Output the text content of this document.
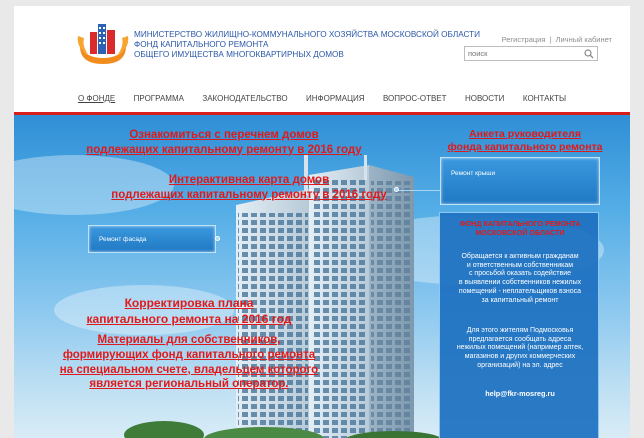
МИНИСТЕРСТВО ЖИЛИЩНО-КОММУНАЛЬНОГО ХОЗЯЙСТВА МОСКОВСКОЙ ОБЛАСТИ
ФОНД КАПИТАЛЬНОГО РЕМОНТА
ОБЩЕГО ИМУЩЕСТВА МНОГОКВАРТИРНЫХ ДОМОВ
Регистрация | Личный кабинет
поиск
О ФОНДЕ ПРОГРАММА ЗАКОНОДАТЕЛЬСТВО ИНФОРМАЦИЯ ВОПРОС-ОТВЕТ НОВОСТИ КОНТАКТЫ
Ознакомиться с перечнем домов
подлежащих капитальному ремонту в 2016 году
Интерактивная карта домов
подлежащих капитальному ремонту в 2016 году
Корректировка плана
капитального ремонта на 2016 год
Материалы для собственников,
формирующих фонд капитального ремонта
на специальном счете, владельцем которого
является региональный оператор.
Анкета руководителя
фонда капитального ремонта
Ремонт крыши
Ремонт фасада
ФОНД КАПИТАЛЬНОГО РЕМОНТА
МОСКОВСКОЙ ОБЛАСТИ
Обращается к активным гражданам
и ответственным собственникам
с просьбой оказать содействие
в выявлении собственников нежилых
помещений - неплательщиков взноса
за капитальный ремонт
Для этого жителям Подмосковья
предлагается сообщать адреса
нежилых помещений (например аптек,
магазинов и других коммерческих
организаций) на эл. адрес
help@fkr-mosreg.ru
